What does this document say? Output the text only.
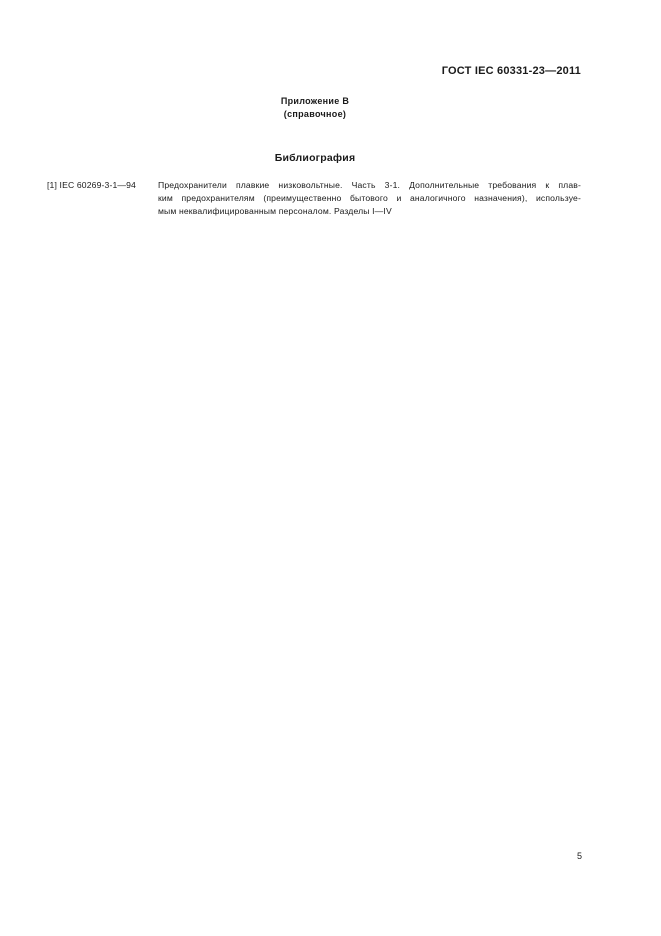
ГОСТ IEC 60331-23—2011
Приложение В
(справочное)
Библиография
[1] IEC 60269-3-1—94	Предохранители плавкие низковольтные. Часть 3-1. Дополнительные требования к плав-
ким предохранителям (преимущественно бытового и аналогичного назначения), используе-
мым неквалифицированным персоналом. Разделы I—IV
5
